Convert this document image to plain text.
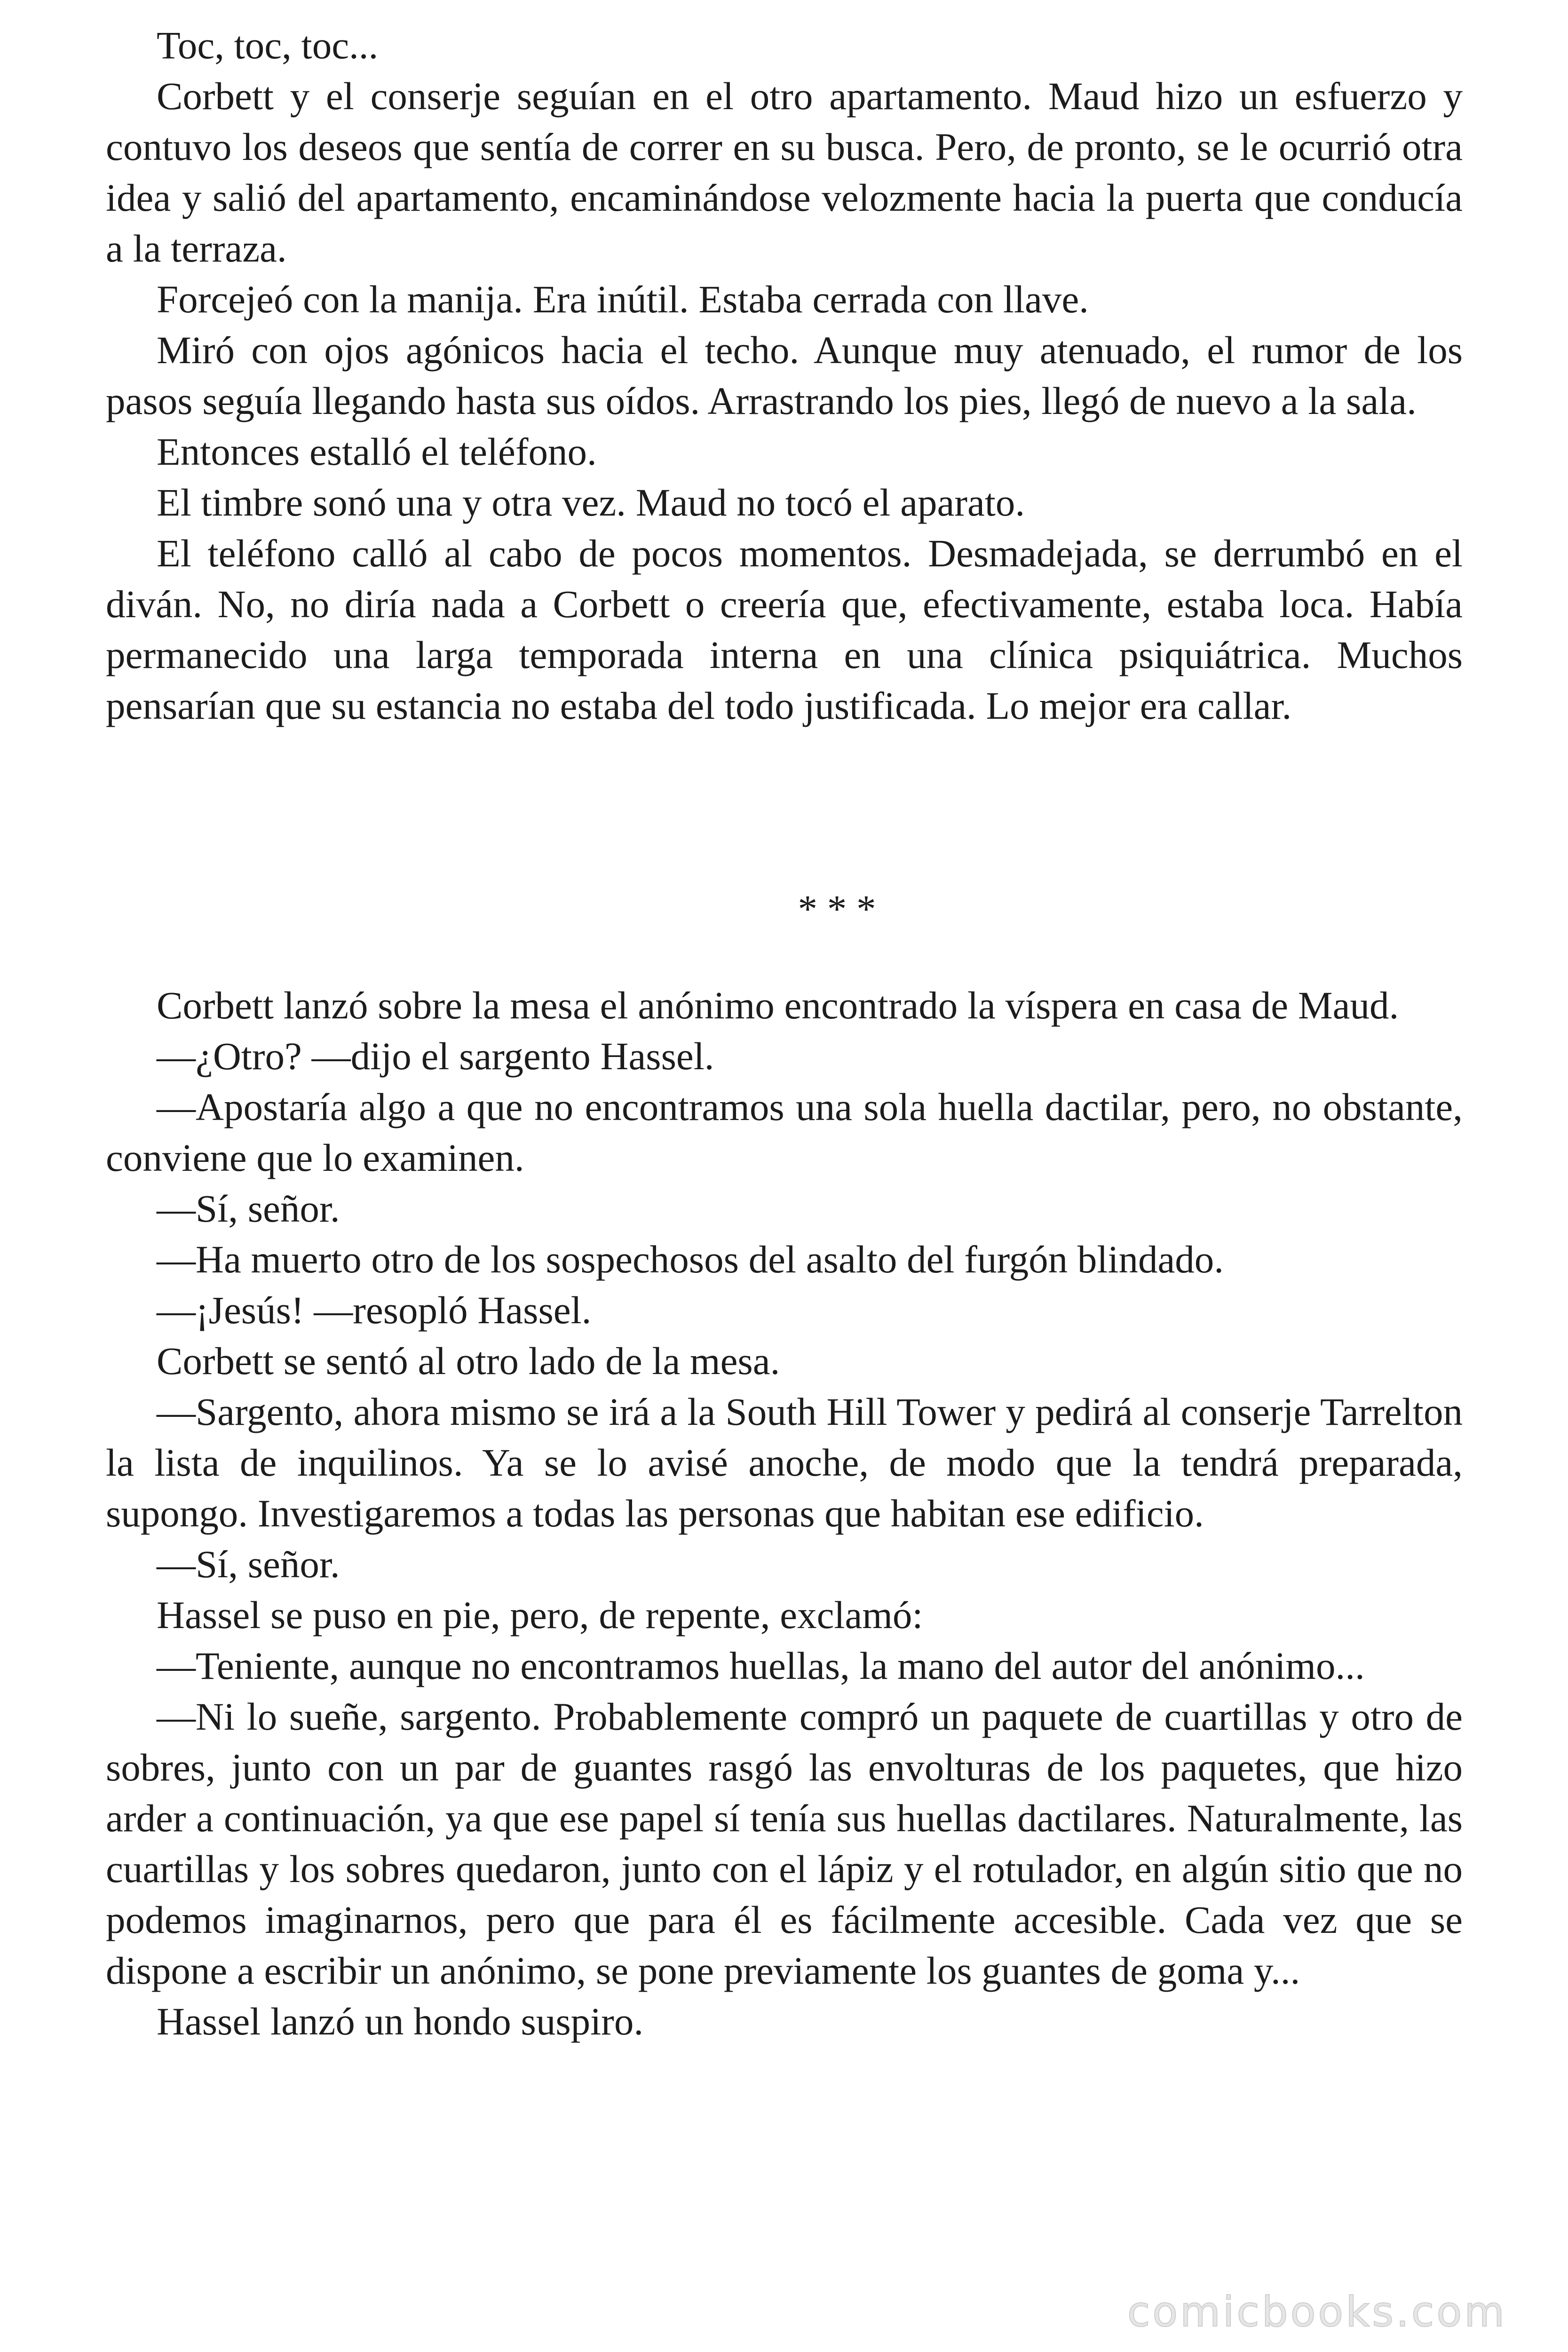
Toc, toc, toc...

Corbett y el conserje seguían en el otro apartamento. Maud hizo un esfuerzo y contuvo los deseos que sentía de correr en su busca. Pero, de pronto, se le ocurrió otra idea y salió del apartamento, encaminándose velozmente hacia la puerta que conducía a la terraza.

Forcejeó con la manija. Era inútil. Estaba cerrada con llave.

Miró con ojos agónicos hacia el techo. Aunque muy atenuado, el rumor de los pasos seguía llegando hasta sus oídos. Arrastrando los pies, llegó de nuevo a la sala.

Entonces estalló el teléfono.

El timbre sonó una y otra vez. Maud no tocó el aparato.

El teléfono calló al cabo de pocos momentos. Desmadejada, se derrumbó en el diván. No, no diría nada a Corbett o creería que, efectivamente, estaba loca. Había permanecido una larga temporada interna en una clínica psiquiátrica. Muchos pensarían que su estancia no estaba del todo justificada. Lo mejor era callar.

* * *

Corbett lanzó sobre la mesa el anónimo encontrado la víspera en casa de Maud.

—¿Otro? —dijo el sargento Hassel.

—Apostaría algo a que no encontramos una sola huella dactilar, pero, no obstante, conviene que lo examinen.

—Sí, señor.

—Ha muerto otro de los sospechosos del asalto del furgón blindado.

—¡Jesús! —resopló Hassel.

Corbett se sentó al otro lado de la mesa.

—Sargento, ahora mismo se irá a la South Hill Tower y pedirá al conserje Tarrelton la lista de inquilinos. Ya se lo avisé anoche, de modo que la tendrá preparada, supongo. Investigaremos a todas las personas que habitan ese edificio.

—Sí, señor.

Hassel se puso en pie, pero, de repente, exclamó:

—Teniente, aunque no encontramos huellas, la mano del autor del anónimo...

—Ni lo sueñe, sargento. Probablemente compró un paquete de cuartillas y otro de sobres, junto con un par de guantes rasgó las envolturas de los paquetes, que hizo arder a continuación, ya que ese papel sí tenía sus huellas dactilares. Naturalmente, las cuartillas y los sobres quedaron, junto con el lápiz y el rotulador, en algún sitio que no podemos imaginarnos, pero que para él es fácilmente accesible. Cada vez que se dispone a escribir un anónimo, se pone previamente los guantes de goma y...

Hassel lanzó un hondo suspiro.

comicbooks.com
